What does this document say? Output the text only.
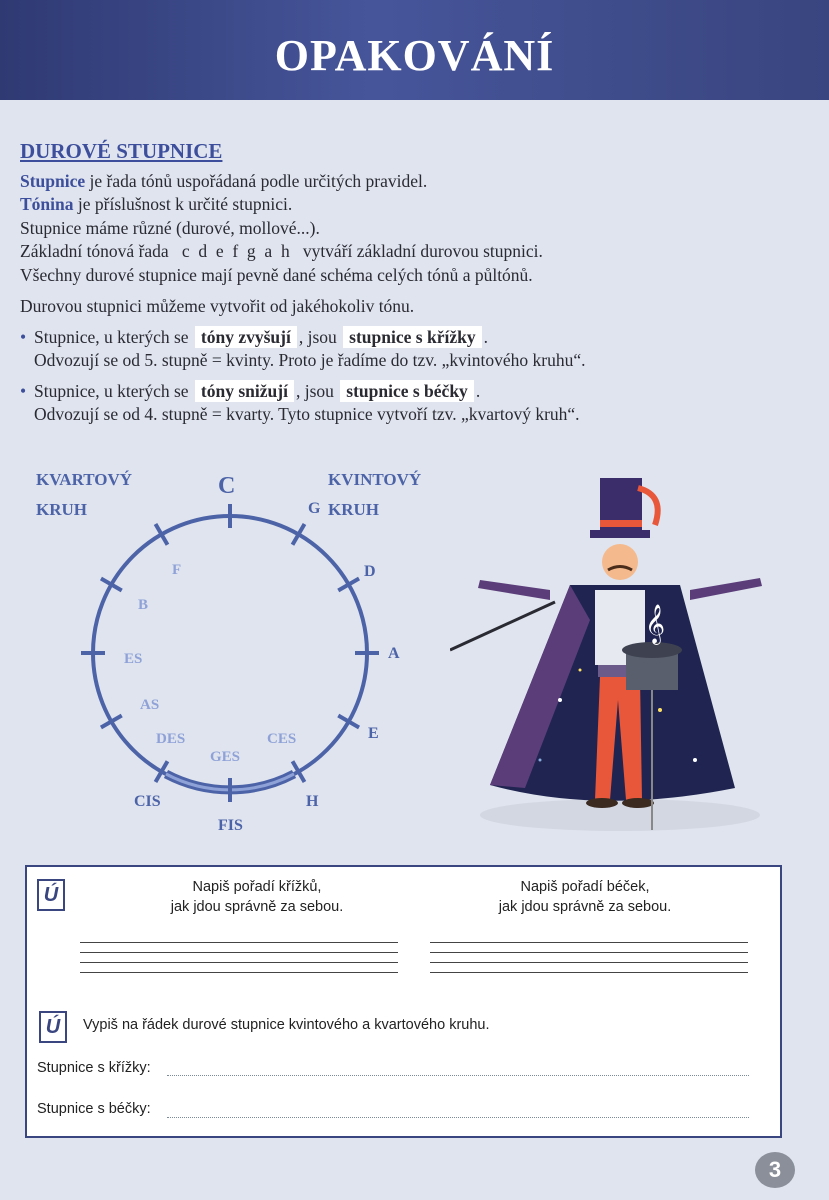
OPAKOVÁNÍ
DUROVÉ STUPNICE

Stupnice je řada tónů uspořádaná podle určitých pravidel.

Tónina je příslušnost k určité stupnici.

Stupnice máme různé (durové, mollové...).

Základní tónová řada   c  d  e  f  g  a  h   vytváří základní durovou stupnici.

Všechny durové stupnice mají pevně dané schéma celých tónů a půltónů.

Durovou stupnici můžeme vytvořit od jakéhokoliv tónu.

• Stupnice, u kterých se tóny zvyšují , jsou stupnice s křížky .
Odvozují se od 5. stupně = kvinty. Proto je řadíme do tzv. „kvintového kruhu“.
• Stupnice, u kterých se tóny snižují , jsou stupnice s béčky .
Odvozují se od 4. stupně = kvarty. Tyto stupnice vytvoří tzv. „kvartový kruh“.
KVARTOVÝ
KRUH
KVINTOVÝ
KRUH
C
G
D
A
E
H
FIS
CIS
GES
CES
DES
AS
ES
B
F
𝄞
Ú	Napiš pořadí křížků,
jak jdou správně za sebou.
Napiš pořadí béček,
jak jdou správně za sebou.
Ú	Vypiš na řádek durové stupnice kvintového a kvartového kruhu.
Stupnice s křížky:
Stupnice s béčky:
3
